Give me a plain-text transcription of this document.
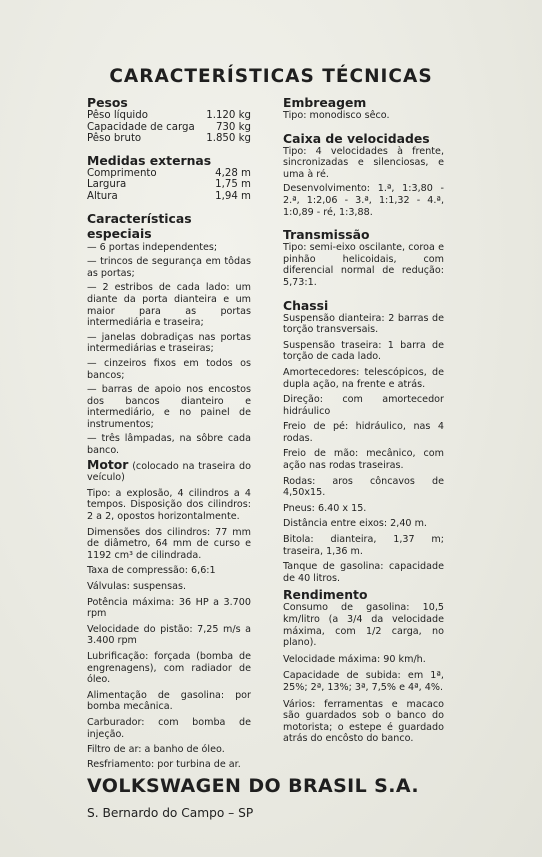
CARACTERÍSTICAS TÉCNICAS
Pesos
Pêso líquido	1.120 kg
Capacidade de carga 730 kg
Pêso bruto	1.850 kg
Medidas externas
Comprimento	4,28 m
Largura	1,75 m
Altura	1,94 m
Características especiais

— 6 portas independentes;

— trincos de segurança em tôdas as portas;

— 2 estribos de cada lado: um diante da porta dianteira e um maior para as portas intermediária e traseira;

— janelas dobradiças nas portas intermediárias e traseiras;

— cinzeiros fixos em todos os bancos;

— barras de apoio nos encostos dos bancos dianteiro e intermediário, e no painel de instrumentos;

— três lâmpadas, na sôbre cada banco.

Motor (colocado na traseira do veículo)

Tipo: a explosão, 4 cilindros a 4 tempos. Disposição dos cilindros: 2 a 2, opostos horizontalmente.

Dimensões dos cilindros: 77 mm de diâmetro, 64 mm de curso e 1192 cm³ de cilindrada.

Taxa de compressão: 6,6:1

Válvulas: suspensas.

Potência máxima: 36 HP a 3.700 rpm

Velocidade do pistão: 7,25 m/s a 3.400 rpm

Lubrificação: forçada (bomba de engrenagens), com radiador de óleo.

Alimentação de gasolina: por bomba mecânica.

Carburador: com bomba de injeção.

Filtro de ar: a banho de óleo.

Resfriamento: por turbina de ar.

Embreagem

Tipo: monodisco sêco.

Caixa de velocidades

Tipo: 4 velocidades à frente, sincronizadas e silenciosas, e uma à ré.

Desenvolvimento: 1.ª, 1:3,80 - 2.ª, 1:2,06 - 3.ª, 1:1,32 - 4.ª, 1:0,89 - ré, 1:3,88.

Transmissão

Tipo: semi-eixo oscilante, coroa e pinhão helicoidais, com diferencial normal de redução: 5,73:1.

Chassi

Suspensão dianteira: 2 barras de torção transversais.

Suspensão traseira: 1 barra de torção de cada lado.

Amortecedores: telescópicos, de dupla ação, na frente e atrás.

Direção: com amortecedor hidráulico

Freio de pé: hidráulico, nas 4 rodas.

Freio de mão: mecânico, com ação nas rodas traseiras.

Rodas: aros côncavos de 4,50x15.

Pneus: 6.40 x 15.

Distância entre eixos: 2,40 m.

Bitola: dianteira, 1,37 m; traseira, 1,36 m.

Tanque de gasolina: capacidade de 40 litros.

Rendimento

Consumo de gasolina: 10,5 km/litro (a 3/4 da velocidade máxima, com 1/2 carga, no plano).

Velocidade máxima: 90 km/h.

Capacidade de subida: em 1ª, 25%; 2ª, 13%; 3ª, 7,5% e 4ª, 4%.

Vários: ferramentas e macaco são guardados sob o banco do motorista; o estepe é guardado atrás do encôsto do banco.

VOLKSWAGEN DO BRASIL S.A.

S. Bernardo do Campo – SP
